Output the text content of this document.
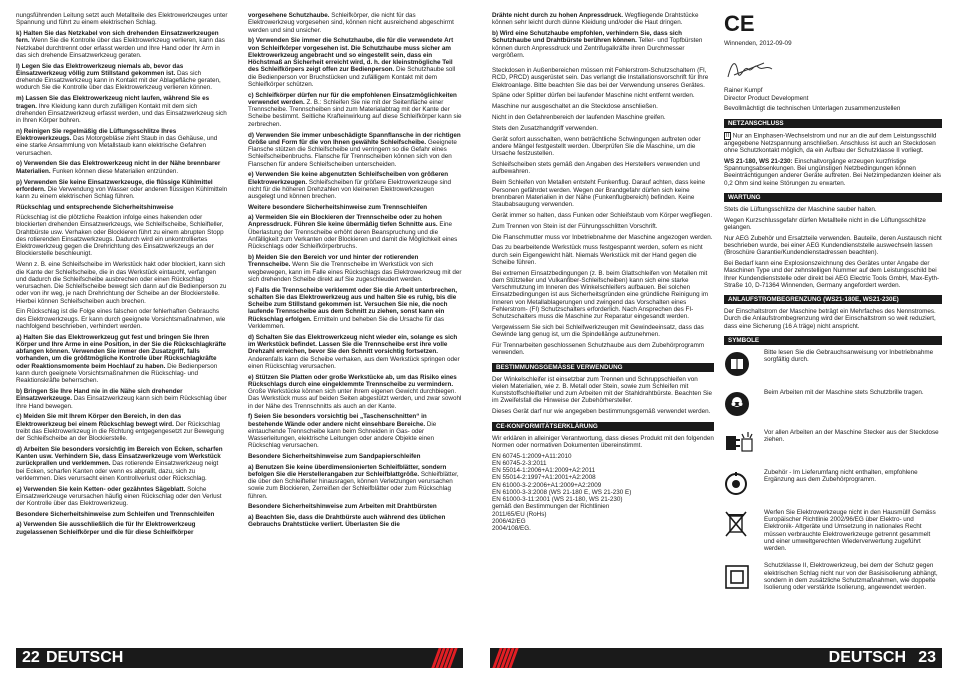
nungsführenden Leitung setzt auch Metallteile des Elektrowerkzeuges unter Spannung und führt zu einem elektrischen Schlag.

k) Halten Sie das Netzkabel von sich drehenden Einsatzwerkzeugen fern. Wenn Sie die Kontrolle über das Elektrowerkzeug verlieren, kann das Netzkabel durchtrennt oder erfasst werden und Ihre Hand oder Ihr Arm in das sich drehende Einsatzwerkzeug geraten.

l) Legen Sie das Elektrowerkzeug niemals ab, bevor das Einsatzwerkzeug völlig zum Stillstand gekommen ist. Das sich drehende Einsatzwerkzeug kann in Kontakt mit der Ablagefläche geraten, wodurch Sie die Kontrolle über das Elektrowerkzeug verlieren können.

m) Lassen Sie das Elektrowerkzeug nicht laufen, während Sie es tragen. Ihre Kleidung kann durch zufälligen Kontakt mit dem sich drehenden Einsatzwerkzeug erfasst werden, und das Einsatzwerkzeug sich in Ihren Körper bohren.

n) Reinigen Sie regelmäßig die Lüftungsschlitze Ihres Elektrowerkzeugs. Das Motorgebläse zieht Staub in das Gehäuse, und eine starke Ansammlung von Metallstaub kann elektrische Gefahren verursachen.

o) Verwenden Sie das Elektrowerkzeug nicht in der Nähe brennbarer Materialien. Funken können diese Materialien entzünden.

p) Verwenden Sie keine Einsatzwerkzeuge, die flüssige Kühlmittel erfordern. Die Verwendung von Wasser oder anderen flüssigen Kühlmitteln kann zu einem elektrischen Schlag führen.

Rückschlag und entsprechende Sicherheitshinweise

Rückschlag ist die plötzliche Reaktion infolge eines hakenden oder blockierten drehenden Einsatzwerkzeugs, wie Schleifscheibe, Schleifteller, Drahtbürste usw. Verhaken oder Blockieren führt zu einem abrupten Stopp des rotierenden Einsatzwerkzeugs. Dadurch wird ein unkontrolliertes Elektrowerkzeug gegen die Drehrichtung des Einsatzwerkzeugs an der Blockierstelle beschleunigt.

Wenn z. B. eine Schleifscheibe im Werkstück hakt oder blockiert, kann sich die Kante der Schleifscheibe, die in das Werkstück eintaucht, verfangen und dadurch die Schleifscheibe ausbrechen oder einen Rückschlag verursachen. Die Schleifscheibe bewegt sich dann auf die Bedienperson zu oder von ihr weg, je nach Drehrichtung der Scheibe an der Blockierstelle. Hierbei können Schleifscheiben auch brechen.

Ein Rückschlag ist die Folge eines falschen oder fehlerhaften Gebrauchs des Elektrowerkzeugs. Er kann durch geeignete Vorsichtsmaßnahmen, wie nachfolgend beschrieben, verhindert werden.

a) Halten Sie das Elektrowerkzeug gut fest und bringen Sie Ihren Körper und Ihre Arme in eine Position, in der Sie die Rückschlagkräfte abfangen können. Verwenden Sie immer den Zusatzgriff, falls vorhanden, um die größtmögliche Kontrolle über Rückschlagkräfte oder Reaktionsmomente beim Hochlauf zu haben. Die Bedienperson kann durch geeignete Vorsichtsmaßnahmen die Rückschlag- und Reaktionskräfte beherrschen.

b) Bringen Sie Ihre Hand nie in die Nähe sich drehender Einsatzwerkzeuge. Das Einsatzwerkzeug kann sich beim Rückschlag über Ihre Hand bewegen.

c) Meiden Sie mit Ihrem Körper den Bereich, in den das Elektrowerkzeug bei einem Rückschlag bewegt wird. Der Rückschlag treibt das Elektrowerkzeug in die Richtung entgegengesetzt zur Bewegung der Schleifscheibe an der Blockierstelle.

d) Arbeiten Sie besonders vorsichtig im Bereich von Ecken, scharfen Kanten usw. Verhindern Sie, dass Einsatzwerkzeuge vom Werkstück zurückprallen und verklemmen. Das rotierende Einsatzwerkzeug neigt bei Ecken, scharfen Kanten oder wenn es abprallt, dazu, sich zu verklemmen. Dies verursacht einen Kontrollverlust oder Rückschlag.

e) Verwenden Sie kein Ketten- oder gezähntes Sägeblatt. Solche Einsatzwerkzeuge verursachen häufig einen Rückschlag oder den Verlust der Kontrolle über das Elektrowerkzeug.

Besondere Sicherheitshinweise zum Schleifen und Trennschleifen

a) Verwenden Sie ausschließlich die für Ihr Elektrowerkzeug zugelassenen Schleifkörper und die für diese Schleifkörper

vorgesehene Schutzhaube. Schleifkörper, die nicht für das Elektrowerkzeug vorgesehen sind, können nicht ausreichend abgeschirmt werden und sind unsicher.

b) Verwenden Sie immer die Schutzhaube, die für die verwendete Art von Schleifkörper vorgesehen ist. Die Schutzhaube muss sicher am Elektrowerkzeug angebracht und so eingestellt sein, dass ein Höchstmaß an Sicherheit erreicht wird, d. h. der kleinstmögliche Teil des Schleifkörpers zeigt offen zur Bedienperson. Die Schutzhaube soll die Bedienperson vor Bruchstücken und zufälligem Kontakt mit dem Schleifkörper schützen.

c) Schleifkörper dürfen nur für die empfohlenen Einsatzmöglichkeiten verwendet werden. Z. B.: Schleifen Sie nie mit der Seitenfläche einer Trennscheibe. Trennscheiben sind zum Materialabtrag mit der Kante der Scheibe bestimmt. Seitliche Krafteinwirkung auf diese Schleifkörper kann sie zerbrechen.

d) Verwenden Sie immer unbeschädigte Spannflansche in der richtigen Größe und Form für die von Ihnen gewählte Schleifscheibe. Geeignete Flansche stützen die Schleifscheibe und verringern so die Gefahr eines Schleifscheibenbruchs. Flansche für Trennscheiben können sich von den Flanschen für andere Schleifscheiben unterscheiden.

e) Verwenden Sie keine abgenutzten Schleifscheiben von größeren Elektrowerkzeugen. Schleifscheiben für größere Elektrowerkzeuge sind nicht für die höheren Drehzahlen von kleineren Elektrowerkzeugen ausgelegt und können brechen.

Weitere besondere Sicherheitshinweise zum Trennschleifen

a) Vermeiden Sie ein Blockieren der Trennscheibe oder zu hohen Anpressdruck. Führen Sie keine übermäßig tiefen Schnitte aus. Eine Überlastung der Trennscheibe erhöht deren Beanspruchung und die Anfälligkeit zum Verkanten oder Blockieren und damit die Möglichkeit eines Rückschlags oder Schleifkörperbruchs.

b) Meiden Sie den Bereich vor und hinter der rotierenden Trennscheibe. Wenn Sie die Trennscheibe im Werkstück von sich wegbewegen, kann im Falle eines Rückschlags das Elektrowerkzeug mit der sich drehenden Scheibe direkt auf Sie zugeschleudert werden.

c) Falls die Trennscheibe verklemmt oder Sie die Arbeit unterbrechen, schalten Sie das Elektrowerkzeug aus und halten Sie es ruhig, bis die Scheibe zum Stillstand gekommen ist. Versuchen Sie nie, die noch laufende Trennscheibe aus dem Schnitt zu ziehen, sonst kann ein Rückschlag erfolgen. Ermitteln und beheben Sie die Ursache für das Verklemmen.

d) Schalten Sie das Elektrowerkzeug nicht wieder ein, solange es sich im Werkstück befindet. Lassen Sie die Trennscheibe erst ihre volle Drehzahl erreichen, bevor Sie den Schnitt vorsichtig fortsetzen. Anderenfalls kann die Scheibe verhaken, aus dem Werkstück springen oder einen Rückschlag verursachen.

e) Stützen Sie Platten oder große Werkstücke ab, um das Risiko eines Rückschlags durch eine eingeklemmte Trennscheibe zu vermindern. Große Werkstücke können sich unter ihrem eigenen Gewicht durchbiegen. Das Werkstück muss auf beiden Seiten abgestützt werden, und zwar sowohl in der Nähe des Trennschnitts als auch an der Kante.

f) Seien Sie besonders vorsichtig bei „Taschenschnitten“ in bestehende Wände oder andere nicht einsehbare Bereiche. Die eintauchende Trennscheibe kann beim Schneiden in Gas- oder Wasserleitungen, elektrische Leitungen oder andere Objekte einen Rückschlag verursachen.

Besondere Sicherheitshinweise zum Sandpapierschleifen

a) Benutzen Sie keine überdimensionierten Schleifblätter, sondern befolgen Sie die Herstellerangaben zur Schleifblattgröße. Schleifblätter, die über den Schleifteller hinausragen, können Verletzungen verursachen sowie zum Blockieren, Zerreißen der Schleifblätter oder zum Rückschlag führen.

Besondere Sicherheitshinweise zum Arbeiten mit Drahtbürsten

a) Beachten Sie, dass die Drahtbürste auch während des üblichen Gebrauchs Drahtstücke verliert. Überlasten Sie die

22 DEUTSCH

Drähte nicht durch zu hohen Anpressdruck. Wegfliegende Drahtstücke können sehr leicht durch dünne Kleidung und/oder die Haut dringen.

b) Wird eine Schutzhaube empfohlen, verhindern Sie, dass sich Schutzhaube und Drahtbürste berühren können. Teller- und Topfbürsten können durch Anpressdruck und Zentrifugalkräfte ihren Durchmesser vergrößern.

Steckdosen in Außenbereichen müssen mit Fehlerstrom-Schutzschaltern (FI, RCD, PRCD) ausgerüstet sein. Das verlangt die Installationsvorschrift für Ihre Elektroanlage. Bitte beachten Sie das bei der Verwendung unseres Gerätes.

Späne oder Splitter dürfen bei laufender Maschine nicht entfernt werden.

Maschine nur ausgeschaltet an die Steckdose anschließen.

Nicht in den Gefahrenbereich der laufenden Maschine greifen.

Stets den Zusatzhandgriff verwenden.

Gerät sofort ausschalten, wenn beträchtliche Schwingungen auftreten oder andere Mängel festgestellt werden. Überprüfen Sie die Maschine, um die Ursache festzustellen.

Schleifscheiben stets gemäß den Angaben des Herstellers verwenden und aufbewahren.

Beim Schleifen von Metallen entsteht Funkenflug. Darauf achten, dass keine Personen gefährdet werden. Wegen der Brandgefahr dürfen sich keine brennbaren Materialien in der Nähe (Funkenflugbereich) befinden. Keine Staubabsaugung verwenden.

Gerät immer so halten, dass Funken oder Schleifstaub vom Körper wegfliegen.

Zum Trennen von Stein ist der Führungsschlitten Vorschrift.

Die Flanschmutter muss vor Inbetriebnahme der Maschine angezogen werden.

Das zu bearbeitende Werkstück muss festgespannt werden, sofern es nicht durch sein Eigengewicht hält. Niemals Werkstück mit der Hand gegen die Scheibe führen.

Bei extremen Einsatzbedingungen (z. B. beim Glattschleifen von Metallen mit dem Stützteller und Vulkanfiber-Schleifscheiben) kann sich eine starke Verschmutzung im Inneren des Winkelschleifers aufbauen. Bei solchen Einsatzbedingungen ist aus Sicherheitsgründen eine gründliche Reinigung im Inneren von Metallablagerungen und zwingend das Vorschalten eines Fehlerstrom- (FI) Schutzschalters erforderlich. Nach Ansprechen des FI-Schutzschalters muss die Maschine zur Reparatur eingesandt werden.

Vergewissern Sie sich bei Schleifwerkzeugen mit Gewindeeinsatz, dass das Gewinde lang genug ist, um die Spindellänge aufzunehmen.

Für Trennarbeiten geschlossenen Schutzhaube aus dem Zubehörprogramm verwenden.

BESTIMMUNGSGEMÄSSE VERWENDUNG

Der Winkelschleifer ist einsetzbar zum Trennen und Schruppschleifen von vielen Materialien, wie z. B. Metall oder Stein, sowie zum Schleifen mit Kunststoffschleifteller und zum Arbeiten mit der Stahldrahtbürste. Beachten Sie im Zweifelsfall die Hinweise der Zubehörhersteller.

Dieses Gerät darf nur wie angegeben bestimmungsgemäß verwendet werden.

CE-KONFORMITÄTSERKLÄRUNG

Wir erklären in alleiniger Verantwortung, dass dieses Produkt mit den folgenden Normen oder normativen Dokumenten übereinstimmt.

EN 60745-1:2009+A11:2010

EN 60745-2-3:2011

EN 55014-1:2006+A1:2009+A2:2011

EN 55014-2:1997+A1:2001+A2:2008

EN 61000-3-2:2006+A1:2009+A2:2009

EN 61000-3-3:2008 (WS 21-180 E, WS 21-230 E)

EN 61000-3-11:2001 (WS 21-180, WS 21-230)

gemäß den Bestimmungen der Richtlinien

2011/65/EU (RoHs)

2006/42/EG

2004/108/EG.

CE

Winnenden, 2012-09-09

Rainer Kumpf

Director Product Development

Bevollmächtigt die technischen Unterlagen zusammenzustellen

NETZANSCHLUSS

II Nur an Einphasen-Wechselstrom und nur an die auf dem Leistungsschild angegebene Netzspannung anschließen. Anschluss ist auch an Steckdosen ohne Schutzkontakt möglich, da ein Aufbau der Schutzklasse II vorliegt.

WS 21-180, WS 21-230: Einschaltvorgänge erzeugen kurzfristige Spannungsabsenkungen. Bei ungünstigen Netzbedingungen können Beeinträchtigungen anderer Geräte auftreten. Bei Netzimpedanzen kleiner als 0,2 Ohm sind keine Störungen zu erwarten.

WARTUNG

Stets die Lüftungsschlitze der Maschine sauber halten.

Wegen Kurzschlussgefahr dürfen Metallteile nicht in die Lüftungsschlitze gelangen.

Nur AEG Zubehör und Ersatzteile verwenden. Bauteile, deren Austausch nicht beschrieben wurde, bei einer AEG Kundendienststelle auswechseln lassen (Broschüre Garantie/Kundendienstadressen beachten).

Bei Bedarf kann eine Explosionszeichnung des Gerätes unter Angabe der Maschinen Type und der zehnstelligen Nummer auf dem Leistungsschild bei Ihrer Kundendienststelle oder direkt bei AEG Electric Tools GmbH, Max-Eyth-Straße 10, D-71364 Winnenden, Germany angefordert werden.

ANLAUFSTROMBEGRENZUNG (WS21-180E, WS21-230E)

Der Einschaltstrom der Maschine beträgt ein Mehrfaches des Nennstromes. Durch die Anlaufstrombegrenzung wird der Einschaltstrom so weit reduziert, dass eine Sicherung (16 A träge) nicht anspricht.

SYMBOLE
Bitte lesen Sie die Gebrauchsanweisung vor Inbetriebnahme sorgfältig durch.
Beim Arbeiten mit der Maschine stets Schutzbrille tragen.
Vor allen Arbeiten an der Maschine Stecker aus der Steckdose ziehen.
Zubehör - Im Lieferumfang nicht enthalten, empfohlene Ergänzung aus dem Zubehörprogramm.
Werfen Sie Elektrowerkzeuge nicht in den Hausmüll! Gemäss Europäischer Richtlinie 2002/96/EG über Elektro- und Elektronik- Altgeräte und Umsetzung in nationales Recht müssen verbrauchte Elektrowerkzeuge getrennt gesammelt und einer umweltgerechten Wiederverwertung zugeführt werden.
Schutzklasse II, Elektrowerkzeug, bei dem der Schutz gegen elektrischen Schlag nicht nur von der Basisisolierung abhängt, sondern in dem zusätzliche Schutzmaßnahmen, wie doppelte Isolierung oder verstärkte Isolierung, angewendet werden.
DEUTSCH 23
